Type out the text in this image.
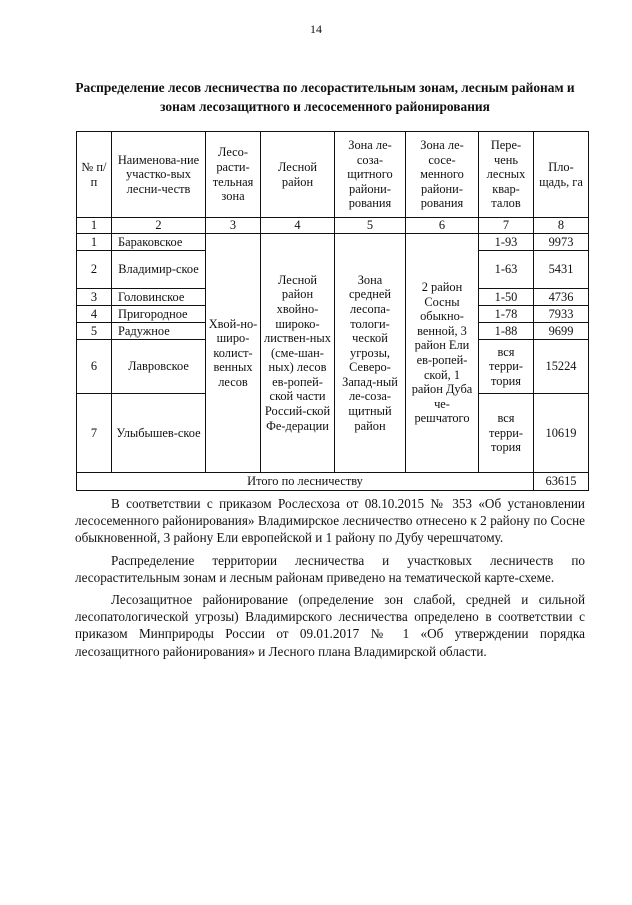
14
Распределение лесов лесничества по лесорастительным зонам, лесным районам и
зонам лесозащитного и лесосеменного районирования
№ п/п	Наименова-ние участко-вых лесни-честв	Лесо-расти-тельная зона	Лесной район	Зона ле-созa-щитного райони-рования	Зона ле-сосе-менного райони-рования	Пере-чень лесных квар-талов	Пло-щадь, га
1	2	3	4	5	6	7	8
1	Бараковское	Хвой-но-широ-колист-венных лесов	Лесной район хвойно-широко-листвен-ных (сме-шан-ных) лесов ев-ропей-ской части Россий-ской Фе-дерации	Зона средней лесопа-тологи-ческой угрозы, Северо-Запад-ный ле-созa-щитный район	2 район Сосны обыкно-венной, 3 район Ели ев-ропей-ской, 1 район Дуба че-решчатого	1-93	9973
2	Владимир-ское					1-63	5431
3	Головинское					1-50	4736
4	Пригородное					1-78	7933
5	Радужное					1-88	9699
6	Лавровское					вся терри-тория	15224
7	Улыбышев-ское					вся терри-тория	10619
Итого по лесничеству							63615

В соответствии с приказом Рослесхоза от 08.10.2015 № 353 «Об установлении лесосеменного районирования» Владимирское лесничество отнесено к 2 району по Сосне обыкновенной, 3 району Ели европейской и 1 району по Дубу черешчатому.

Распределение территории лесничества и участковых лесничеств по лесорастительным зонам и лесным районам приведено на тематической карте-схеме.

Лесозащитное районирование (определение зон слабой, средней и сильной лесопатологической угрозы) Владимирского лесничества определено в соответствии с приказом Минприроды России от 09.01.2017 № 1 «Об утверждении порядка лесозащитного районирования» и Лесного плана Владимирской области.
